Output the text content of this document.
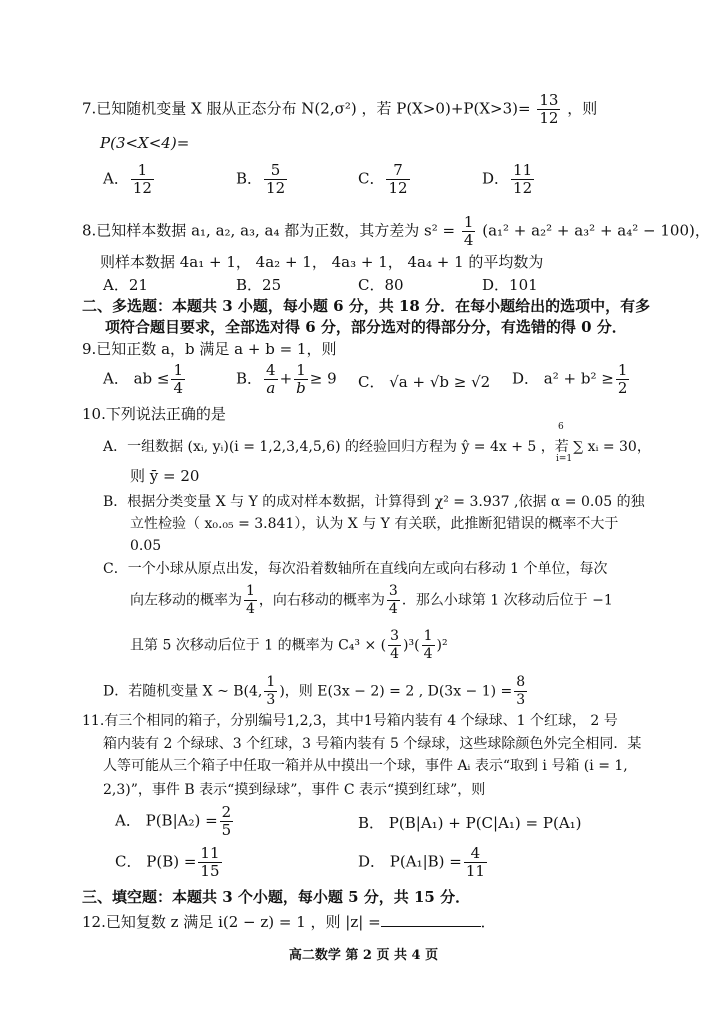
7.已知随机变量 X 服从正态分布 N(2,σ²) ，若 $P(X>0)+P(X>3)= \frac{13}{12}$ ，则
P(3<X<4)=
A． $\frac{1}{12}$	B． $\frac{5}{12}$	C． $\frac{7}{12}$	D． $\frac{11}{12}$
8.已知样本数据 a₁, a₂, a₃, a₄ 都为正数，其方差为 $s^2 = \frac{1}{4} (a_1^2 + a_2^2 + a_3^2 + a_4^2 - 100)$，
则样本数据 4a₁ + 1， 4a₂ + 1， 4a₃ + 1， 4a₄ + 1 的平均数为
A．21	B．25	C．80	D．101
二、多选题：本题共 3 小题，每小题 6 分，共 18 分．在每小题给出的选项中，有多
项符合题目要求，全部选对得 6 分，部分选对的得部分分，有选错的得 0 分．
9.已知正数 a，b 满足 a + b = 1，则
A． ab ≤ $\frac{1}{4}$	B． $\frac{4}{a} + \frac{1}{b} \ge 9$ C． √a + √b ≥ √2 D． $a^2 + b^2 \ge \frac{1}{2}$
10.下列说法正确的是
A．一组数据 (xᵢ, yᵢ)(i = 1,2,3,4,5,6) 的经验回归方程为 ŷ = 4x + 5 ，若 ∑ xᵢ = 30，
6
i=1
则 ȳ = 20
B．根据分类变量 X 与 Y 的成对样本数据，计算得到 χ² = 3.937 ,依据 α = 0.05 的独
立性检验（ x₀.₀₅ = 3.841），认为 X 与 Y 有关联，此推断犯错误的概率不大于
0.05
C．一个小球从原点出发，每次沿着数轴所在直线向左或向右移动 1 个单位，每次
向左移动的概率为 $\frac{1}{4}$ ，向右移动的概率为 $\frac{3}{4}$ ．那么小球第 1 次移动后位于 −1
且第 5 次移动后位于 1 的概率为 C₄³ × ( $\frac{3}{4} )^3( \frac{1}{4} )^2$
D．若随机变量 X ~ B(4, $\frac{1}{3}$ )，则 E(3x − 2) = 2 , $D(3x - 1) = \frac{8}{3}$
11.有三个相同的箱子，分别编号1,2,3，其中1号箱内装有 4 个绿球、1 个红球， 2 号
箱内装有 2 个绿球、3 个红球，3 号箱内装有 5 个绿球，这些球除颜色外完全相同．某
人等可能从三个箱子中任取一箱并从中摸出一个球，事件 Aᵢ 表示“取到 i 号箱 (i = 1,
2,3)”，事件 B 表示“摸到绿球”，事件 C 表示“摸到红球”，则
A． $P(B|A_2) = \frac{2}{5}$	B． P(B|A₁) + P(C|A₁) = P(A₁)
C． $P(B) = \frac{11}{15}$	D． $P(A_1|B) = \frac{4}{11}$
三、填空题：本题共 3 个小题，每小题 5 分，共 15 分．
12.已知复数 z 满足 i(2 − z) = 1 ，则 |z| =	．
高二数学 第 2 页 共 4 页
